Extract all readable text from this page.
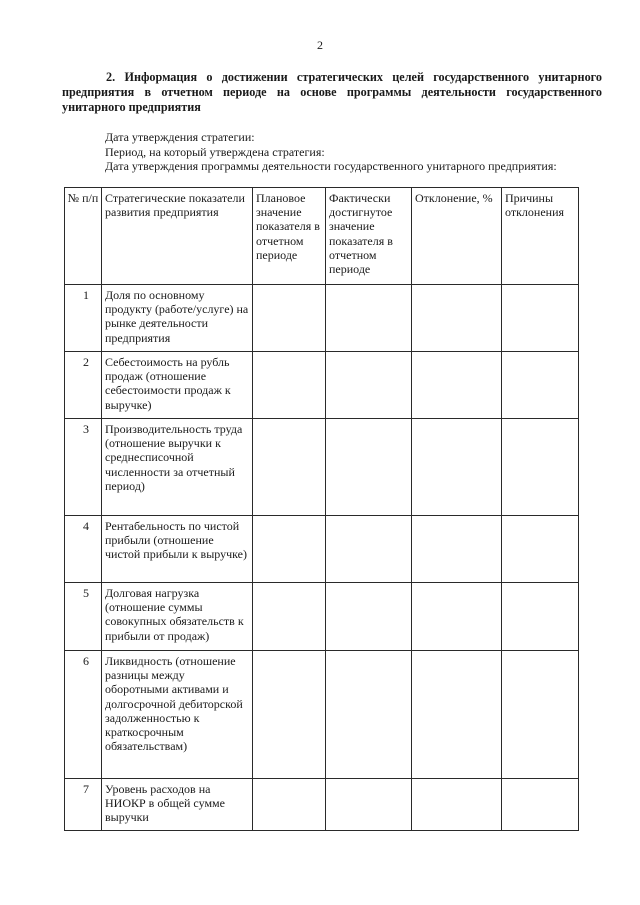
2
2. Информация о достижении стратегических целей государственного унитарного предприятия в отчетном периоде на основе программы деятельности государственного унитарного предприятия
Дата утверждения стратегии:
Период, на который утверждена стратегия:
Дата утверждения программы деятельности государственного унитарного предприятия:
№ п/п	Стратегические показатели развития предприятия	Плановое значение показателя в отчетном периоде	Фактически достигнутое значение показателя в отчетном периоде	Отклонение, %	Причины отклонения
1	Доля по основному продукту (работе/услуге) на рынке деятельности предприятия				
2	Себестоимость на рубль продаж (отношение себестоимости продаж к выручке)				
3	Производительность труда (отношение выручки к среднесписочной численности за отчетный период)				
4	Рентабельность по чистой прибыли (отношение чистой прибыли к выручке)				
5	Долговая нагрузка (отношение суммы совокупных обязательств к прибыли от продаж)				
6	Ликвидность (отношение разницы между оборотными активами и долгосрочной дебиторской задолженностью к краткосрочным обязательствам)				
7	Уровень расходов на НИОКР в общей сумме выручки				
